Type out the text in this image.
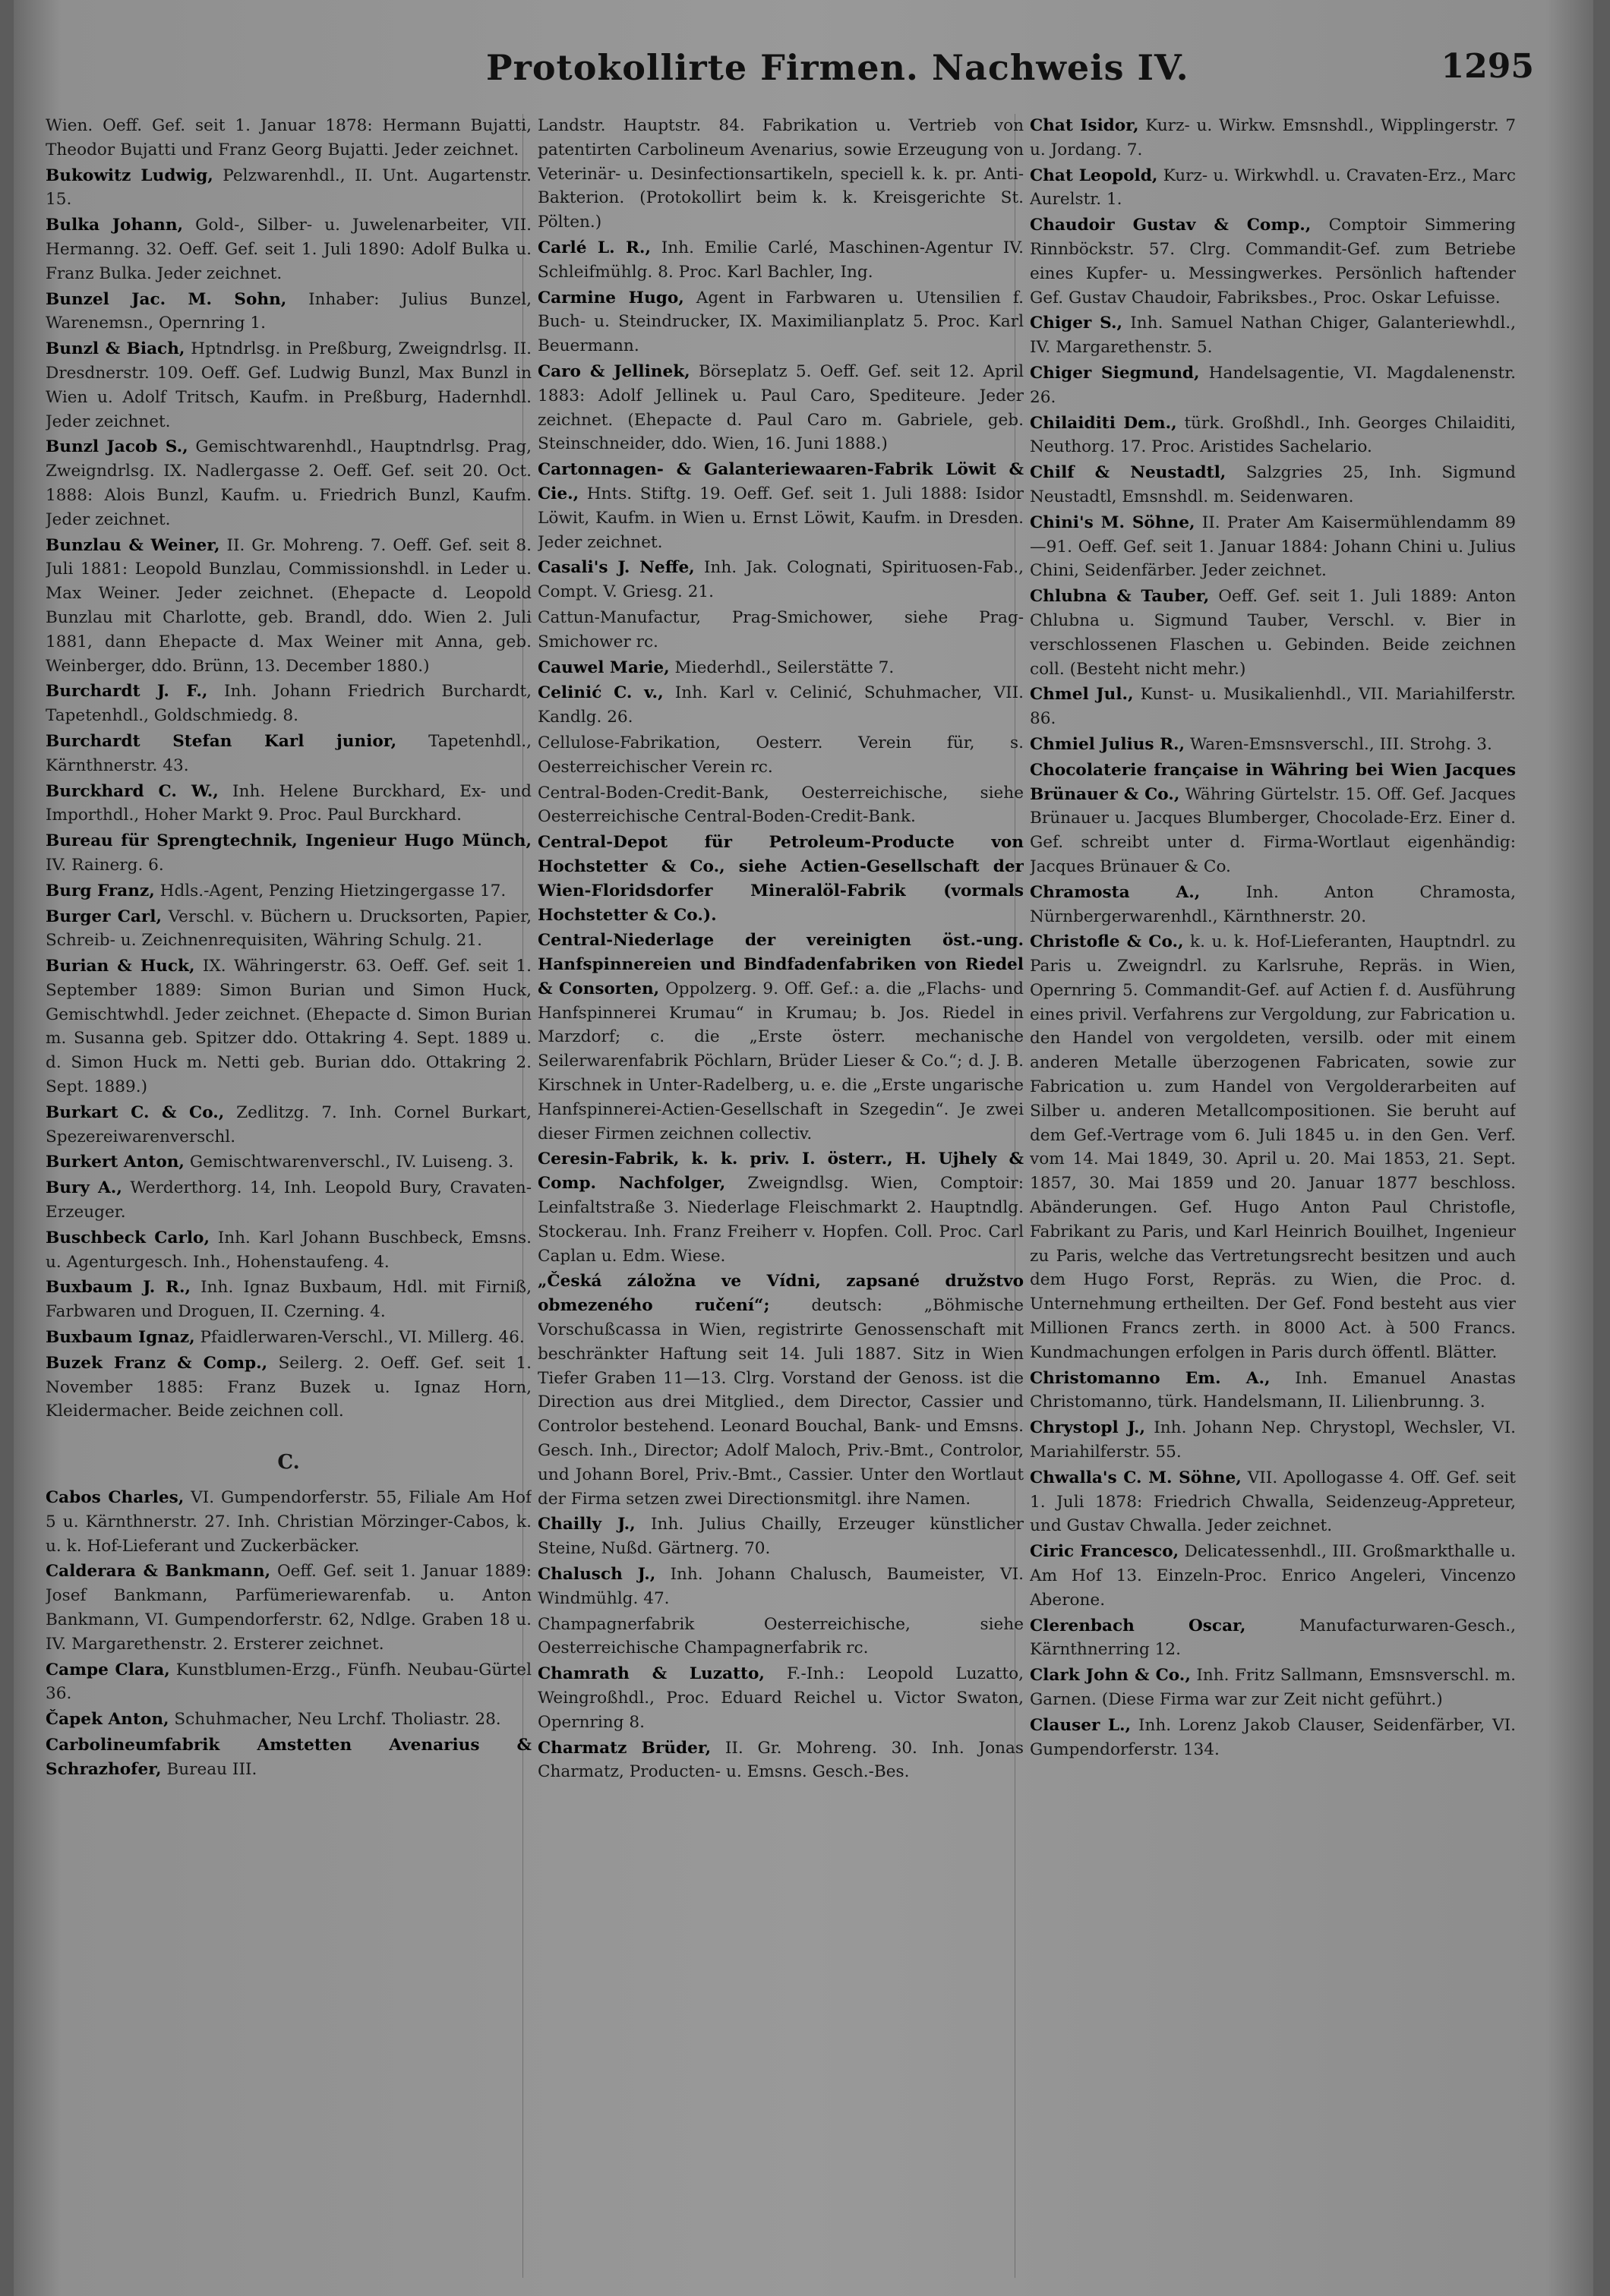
Protokollirte Firmen. Nachweis IV.	1295

Wien. Oeff. Gef. seit 1. Januar 1878: Hermann Bujatti, Theodor Bujatti und Franz Georg Bujatti. Jeder zeichnet.

Bukowitz Ludwig, Pelzwarenhdl., II. Unt. Augartenstr. 15.

Bulka Johann, Gold-, Silber- u. Juwelenarbeiter, VII. Hermanng. 32. Oeff. Gef. seit 1. Juli 1890: Adolf Bulka u. Franz Bulka. Jeder zeichnet.

Bunzel Jac. M. Sohn, Inhaber: Julius Bunzel, Warenemsn., Opernring 1.

Bunzl & Biach, Hptndrlsg. in Preßburg, Zweigndrlsg. II. Dresdnerstr. 109. Oeff. Gef. Ludwig Bunzl, Max Bunzl in Wien u. Adolf Tritsch, Kaufm. in Preßburg, Hadernhdl. Jeder zeichnet.

Bunzl Jacob S., Gemischtwarenhdl., Hauptndrlsg. Prag, Zweigndrlsg. IX. Nadlergasse 2. Oeff. Gef. seit 20. Oct. 1888: Alois Bunzl, Kaufm. u. Friedrich Bunzl, Kaufm. Jeder zeichnet.

Bunzlau & Weiner, II. Gr. Mohreng. 7. Oeff. Gef. seit 8. Juli 1881: Leopold Bunzlau, Commissionshdl. in Leder u. Max Weiner. Jeder zeichnet. (Ehepacte d. Leopold Bunzlau mit Charlotte, geb. Brandl, ddo. Wien 2. Juli 1881, dann Ehepacte d. Max Weiner mit Anna, geb. Weinberger, ddo. Brünn, 13. December 1880.)

Burchardt J. F., Inh. Johann Friedrich Burchardt, Tapetenhdl., Goldschmiedg. 8.

Burchardt Stefan Karl junior, Tapetenhdl., Kärnthnerstr. 43.

Burckhard C. W., Inh. Helene Burckhard, Ex- und Importhdl., Hoher Markt 9. Proc. Paul Burckhard.

Bureau für Sprengtechnik, Ingenieur Hugo Münch, IV. Rainerg. 6.

Burg Franz, Hdls.-Agent, Penzing Hietzingergasse 17.

Burger Carl, Verschl. v. Büchern u. Drucksorten, Papier, Schreib- u. Zeichnenrequisiten, Währing Schulg. 21.

Burian & Huck, IX. Währingerstr. 63. Oeff. Gef. seit 1. September 1889: Simon Burian und Simon Huck, Gemischtwhdl. Jeder zeichnet. (Ehepacte d. Simon Burian m. Susanna geb. Spitzer ddo. Ottakring 4. Sept. 1889 u. d. Simon Huck m. Netti geb. Burian ddo. Ottakring 2. Sept. 1889.)

Burkart C. & Co., Zedlitzg. 7. Inh. Cornel Burkart, Spezereiwarenverschl.

Burkert Anton, Gemischtwarenverschl., IV. Luiseng. 3.

Bury A., Werderthorg. 14, Inh. Leopold Bury, Cravaten-Erzeuger.

Buschbeck Carlo, Inh. Karl Johann Buschbeck, Emsns. u. Agenturgesch. Inh., Hohenstaufeng. 4.

Buxbaum J. R., Inh. Ignaz Buxbaum, Hdl. mit Firniß, Farbwaren und Droguen, II. Czerning. 4.

Buxbaum Ignaz, Pfaidlerwaren-Verschl., VI. Millerg. 46.

Buzek Franz & Comp., Seilerg. 2. Oeff. Gef. seit 1. November 1885: Franz Buzek u. Ignaz Horn, Kleidermacher. Beide zeichnen coll.

C.

Cabos Charles, VI. Gumpendorferstr. 55, Filiale Am Hof 5 u. Kärnthnerstr. 27. Inh. Christian Mörzinger-Cabos, k. u. k. Hof-Lieferant und Zuckerbäcker.

Calderara & Bankmann, Oeff. Gef. seit 1. Januar 1889: Josef Bankmann, Parfümeriewarenfab. u. Anton Bankmann, VI. Gumpendorferstr. 62, Ndlge. Graben 18 u. IV. Margarethenstr. 2. Ersterer zeichnet.

Campe Clara, Kunstblumen-Erzg., Fünfh. Neubau-Gürtel 36.

Čapek Anton, Schuhmacher, Neu Lrchf. Tholiastr. 28.

Carbolineumfabrik Amstetten Avenarius & Schrazhofer, Bureau III.

Landstr. Hauptstr. 84. Fabrikation u. Vertrieb von patentirten Carbolineum Avenarius, sowie Erzeugung von Veterinär- u. Desinfectionsartikeln, speciell k. k. pr. Anti-Bakterion. (Protokollirt beim k. k. Kreisgerichte St. Pölten.)

Carlé L. R., Inh. Emilie Carlé, Maschinen-Agentur IV. Schleifmühlg. 8. Proc. Karl Bachler, Ing.

Carmine Hugo, Agent in Farbwaren u. Utensilien f. Buch- u. Steindrucker, IX. Maximilianplatz 5. Proc. Karl Beuermann.

Caro & Jellinek, Börseplatz 5. Oeff. Gef. seit 12. April 1883: Adolf Jellinek u. Paul Caro, Spediteure. Jeder zeichnet. (Ehepacte d. Paul Caro m. Gabriele, geb. Steinschneider, ddo. Wien, 16. Juni 1888.)

Cartonnagen- & Galanteriewaaren-Fabrik Löwit & Cie., Hnts. Stiftg. 19. Oeff. Gef. seit 1. Juli 1888: Isidor Löwit, Kaufm. in Wien u. Ernst Löwit, Kaufm. in Dresden. Jeder zeichnet.

Casali's J. Neffe, Inh. Jak. Colognati, Spirituosen-Fab., Compt. V. Griesg. 21.

Cattun-Manufactur, Prag-Smichower, siehe Prag-Smichower rc.

Cauwel Marie, Miederhdl., Seilerstätte 7.

Celinić C. v., Inh. Karl v. Celinić, Schuhmacher, VII. Kandlg. 26.

Cellulose-Fabrikation, Oesterr. Verein für, s. Oesterreichischer Verein rc.

Central-Boden-Credit-Bank, Oesterreichische, siehe Oesterreichische Central-Boden-Credit-Bank.

Central-Depot für Petroleum-Producte von Hochstetter & Co., siehe Actien-Gesellschaft der Wien-Floridsdorfer Mineralöl-Fabrik (vormals Hochstetter & Co.).

Central-Niederlage der vereinigten öst.-ung. Hanfspinnereien und Bindfadenfabriken von Riedel & Consorten, Oppolzerg. 9. Off. Gef.: a. die „Flachs- und Hanfspinnerei Krumau“ in Krumau; b. Jos. Riedel in Marzdorf; c. die „Erste österr. mechanische Seilerwarenfabrik Pöchlarn, Brüder Lieser & Co.“; d. J. B. Kirschnek in Unter-Radelberg, u. e. die „Erste ungarische Hanfspinnerei-Actien-Gesellschaft in Szegedin“. Je zwei dieser Firmen zeichnen collectiv.

Ceresin-Fabrik, k. k. priv. I. österr., H. Ujhely & Comp. Nachfolger, Zweigndlsg. Wien, Comptoir: Leinfaltstraße 3. Niederlage Fleischmarkt 2. Hauptndlg. Stockerau. Inh. Franz Freiherr v. Hopfen. Coll. Proc. Carl Caplan u. Edm. Wiese.

„Česká záložna ve Vídni, zapsané družstvo obmezeného ručení“;	deutsch: „Böhmische Vorschußcassa in Wien, registrirte Genossenschaft mit beschränkter Haftung seit 14. Juli 1887. Sitz in Wien Tiefer Graben 11—13. Clrg. Vorstand der Genoss. ist die Direction aus drei Mitglied., dem Director, Cassier und Controlor bestehend. Leonard Bouchal, Bank- und Emsns. Gesch. Inh., Director; Adolf Maloch, Priv.-Bmt., Controlor, und Johann Borel, Priv.-Bmt., Cassier. Unter den Wortlaut der Firma setzen zwei Directionsmitgl. ihre Namen.

Chailly J., Inh. Julius Chailly, Erzeuger künstlicher Steine, Nußd. Gärtnerg. 70.

Chalusch J., Inh. Johann Chalusch, Baumeister, VI. Windmühlg. 47.

Champagnerfabrik Oesterreichische, siehe Oesterreichische Champagnerfabrik rc.

Chamrath & Luzatto, F.-Inh.: Leopold Luzatto, Weingroßhdl., Proc. Eduard Reichel u. Victor Swaton, Opernring 8.

Charmatz Brüder, II. Gr. Mohreng. 30. Inh. Jonas Charmatz, Producten- u. Emsns. Gesch.-Bes.

Chat Isidor, Kurz- u. Wirkw. Emsnshdl., Wipplingerstr. 7 u. Jordang. 7.

Chat Leopold, Kurz- u. Wirkwhdl. u. Cravaten-Erz., Marc Aurelstr. 1.

Chaudoir Gustav & Comp., Comptoir Simmering Rinnböckstr. 57. Clrg. Commandit-Gef. zum Betriebe eines Kupfer- u. Messingwerkes. Persönlich haftender Gef. Gustav Chaudoir, Fabriksbes., Proc. Oskar Lefuisse.

Chiger S., Inh. Samuel Nathan Chiger, Galanteriewhdl., IV. Margarethenstr. 5.

Chiger Siegmund, Handelsagentie, VI. Magdalenenstr. 26.

Chilaiditi Dem., türk. Großhdl., Inh. Georges Chilaiditi, Neuthorg. 17. Proc. Aristides Sachelario.

Chilf & Neustadtl, Salzgries 25, Inh. Sigmund Neustadtl, Emsnshdl. m. Seidenwaren.

Chini's M. Söhne, II. Prater Am Kaisermühlendamm 89—91. Oeff. Gef. seit 1. Januar 1884: Johann Chini u. Julius Chini, Seidenfärber. Jeder zeichnet.

Chlubna & Tauber, Oeff. Gef. seit 1. Juli 1889: Anton Chlubna u. Sigmund Tauber, Verschl. v. Bier in verschlossenen Flaschen u. Gebinden. Beide zeichnen coll. (Besteht nicht mehr.)

Chmel Jul., Kunst- u. Musikalienhdl., VII. Mariahilferstr. 86.

Chmiel Julius R., Waren-Emsnsverschl., III. Strohg. 3.

Chocolaterie française in Währing bei Wien Jacques Brünauer & Co., Währing Gürtelstr. 15. Off. Gef. Jacques Brünauer u. Jacques Blumberger, Chocolade-Erz. Einer d. Gef. schreibt unter d. Firma-Wortlaut eigenhändig: Jacques Brünauer & Co.

Chramosta A.,	Inh. Anton Chramosta, Nürnbergerwarenhdl., Kärnthnerstr. 20.

Christofle & Co., k. u. k. Hof-Lieferanten, Hauptndrl. zu Paris u. Zweigndrl. zu Karlsruhe, Repräs. in Wien, Opernring 5. Commandit-Gef. auf Actien f. d. Ausführung eines privil. Verfahrens zur Vergoldung, zur Fabrication u. den Handel von vergoldeten, versilb. oder mit einem anderen Metalle überzogenen Fabricaten, sowie zur Fabrication u. zum Handel von Vergolderarbeiten auf Silber u. anderen Metallcompositionen. Sie beruht auf dem Gef.-Vertrage vom 6. Juli 1845 u. in den Gen. Verf. vom 14. Mai 1849, 30. April u. 20. Mai 1853, 21. Sept. 1857, 30. Mai 1859 und 20. Januar 1877 beschloss. Abänderungen. Gef. Hugo Anton Paul Christofle, Fabrikant zu Paris, und Karl Heinrich Bouilhet, Ingenieur zu Paris, welche das Vertretungsrecht besitzen und auch dem Hugo Forst, Repräs. zu Wien, die Proc. d. Unternehmung ertheilten. Der Gef. Fond besteht aus vier Millionen Francs zerth. in 8000 Act. à 500 Francs. Kundmachungen erfolgen in Paris durch öffentl. Blätter.

Christomanno Em. A., Inh. Emanuel Anastas Christomanno, türk. Handelsmann, II. Lilienbrunng. 3.

Chrystopl J., Inh. Johann Nep. Chrystopl, Wechsler, VI. Mariahilferstr. 55.

Chwalla's C. M. Söhne, VII. Apollogasse 4. Off. Gef. seit 1. Juli 1878: Friedrich Chwalla, Seidenzeug-Appreteur, und Gustav Chwalla. Jeder zeichnet.

Ciric Francesco, Delicatessenhdl., III. Großmarkthalle u. Am Hof 13. Einzeln-Proc. Enrico Angeleri, Vincenzo Aberone.

Clerenbach Oscar,	Manufacturwaren-Gesch., Kärnthnerring 12.

Clark John & Co., Inh. Fritz Sallmann, Emsnsverschl. m. Garnen. (Diese Firma war zur Zeit nicht geführt.)

Clauser L., Inh. Lorenz Jakob Clauser, Seidenfärber, VI. Gumpendorferstr. 134.
